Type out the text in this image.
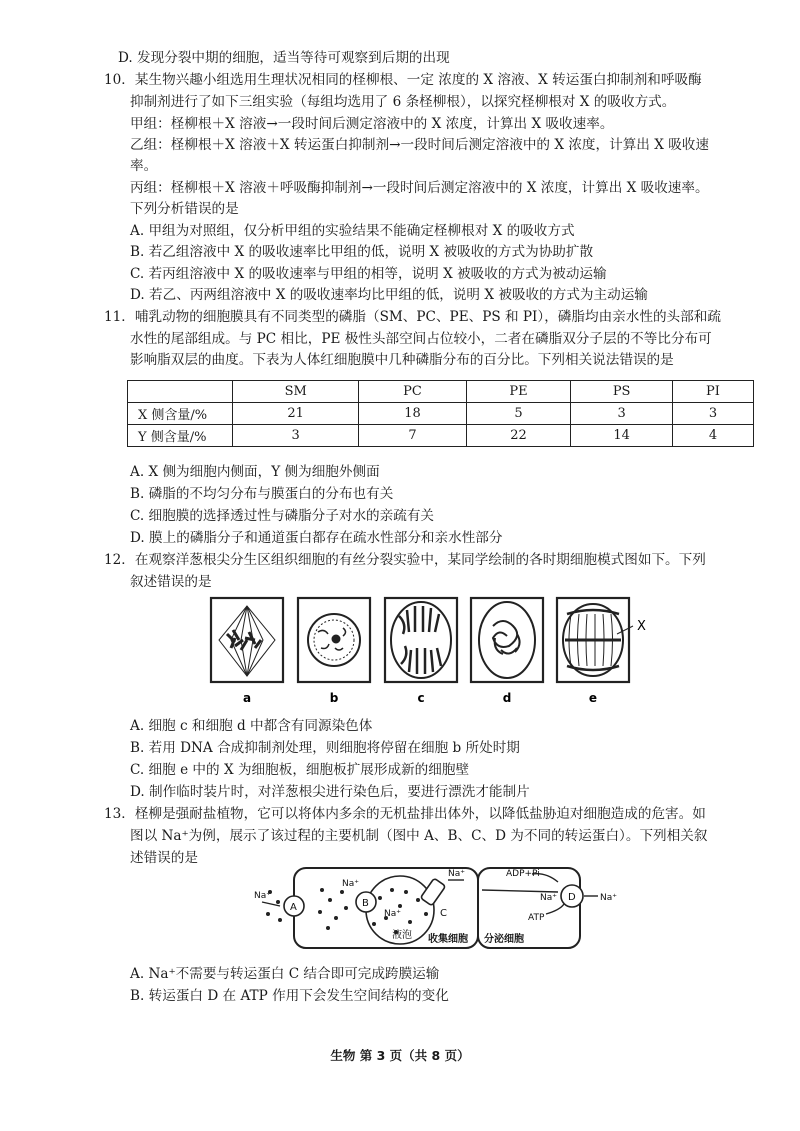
D. 发现分裂中期的细胞，适当等待可观察到后期的出现
10．某生物兴趣小组选用生理状况相同的柽柳根、一定 浓度的 X 溶液、X 转运蛋白抑制剂和呼吸酶
抑制剂进行了如下三组实验（每组均选用了 6 条柽柳根），以探究柽柳根对 X 的吸收方式。
甲组：柽柳根＋X 溶液→一段时间后测定溶液中的 X 浓度，计算出 X 吸收速率。
乙组：柽柳根＋X 溶液＋X 转运蛋白抑制剂→一段时间后测定溶液中的 X 浓度，计算出 X 吸收速
率。
丙组：柽柳根＋X 溶液＋呼吸酶抑制剂→一段时间后测定溶液中的 X 浓度，计算出 X 吸收速率。
下列分析错误的是
A. 甲组为对照组，仅分析甲组的实验结果不能确定柽柳根对 X 的吸收方式
B. 若乙组溶液中 X 的吸收速率比甲组的低，说明 X 被吸收的方式为协助扩散
C. 若丙组溶液中 X 的吸收速率与甲组的相等，说明 X 被吸收的方式为被动运输
D. 若乙、丙两组溶液中 X 的吸收速率均比甲组的低，说明 X 被吸收的方式为主动运输
11．哺乳动物的细胞膜具有不同类型的磷脂（SM、PC、PE、PS 和 PI），磷脂均由亲水性的头部和疏
水性的尾部组成。与 PC 相比，PE 极性头部空间占位较小，二者在磷脂双分子层的不等比分布可
影响脂双层的曲度。下表为人体红细胞膜中几种磷脂分布的百分比。下列相关说法错误的是
	SM	PC	PE	PS	PI
X 侧含量/%	21	18	5	3	3
Y 侧含量/%	3	7	22	14	4
A. X 侧为细胞内侧面，Y 侧为细胞外侧面
B. 磷脂的不均匀分布与膜蛋白的分布也有关
C. 细胞膜的选择透过性与磷脂分子对水的亲疏有关
D. 膜上的磷脂分子和通道蛋白都存在疏水性部分和亲水性部分
12．在观察洋葱根尖分生区组织细胞的有丝分裂实验中，某同学绘制的各时期细胞模式图如下。下列
叙述错误的是
X
a	b	c	d	e
A. 细胞 c 和细胞 d 中都含有同源染色体
B. 若用 DNA 合成抑制剂处理，则细胞将停留在细胞 b 所处时期
C. 细胞 e 中的 X 为细胞板，细胞板扩展形成新的细胞壁
D. 制作临时装片时，对洋葱根尖进行染色后，要进行漂洗才能制片
13．柽柳是强耐盐植物，它可以将体内多余的无机盐排出体外，以降低盐胁迫对细胞造成的危害。如
图以 Na⁺为例，展示了该过程的主要机制（图中 A、B、C、D 为不同的转运蛋白）。下列相关叙
述错误的是
Na⁺
Na⁺
Na⁺
Na⁺
Na⁺	Na⁺
ADP+Pi
ATP
A	B
C
D
液泡 收集细胞 分泌细胞
A. Na⁺不需要与转运蛋白 C 结合即可完成跨膜运输
B. 转运蛋白 D 在 ATP 作用下会发生空间结构的变化
生物 第 3 页（共 8 页）
